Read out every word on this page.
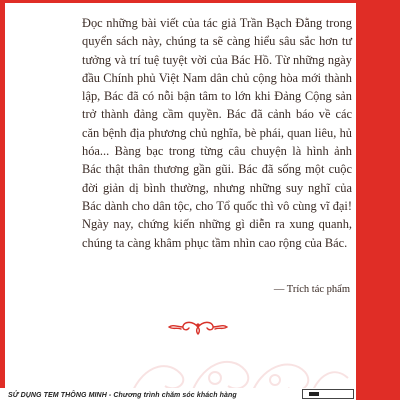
Đọc những bài viết của tác giả Trần Bạch Đằng trong quyển sách này, chúng ta sẽ càng hiểu sâu sắc hơn tư tưởng và trí tuệ tuyệt vời của Bác Hồ. Từ những ngày đầu Chính phủ Việt Nam dân chủ cộng hòa mới thành lập, Bác đã có nỗi bận tâm to lớn khi Đảng Cộng sản trở thành đảng cầm quyền. Bác đã cảnh báo về các căn bệnh địa phương chủ nghĩa, bè phái, quan liêu, hủ hóa... Bàng bạc trong từng câu chuyện là hình ảnh Bác thật thân thương gần gũi. Bác đã sống một cuộc đời giản dị bình thường, nhưng những suy nghĩ của Bác dành cho dân tộc, cho Tổ quốc thì vô cùng vĩ đại! Ngày nay, chứng kiến những gì diễn ra xung quanh, chúng ta càng khâm phục tầm nhìn cao rộng của Bác.

— Trích tác phẩm
SỬ DỤNG TEM THÔNG MINH - Chương trình chăm sóc khách hàng
